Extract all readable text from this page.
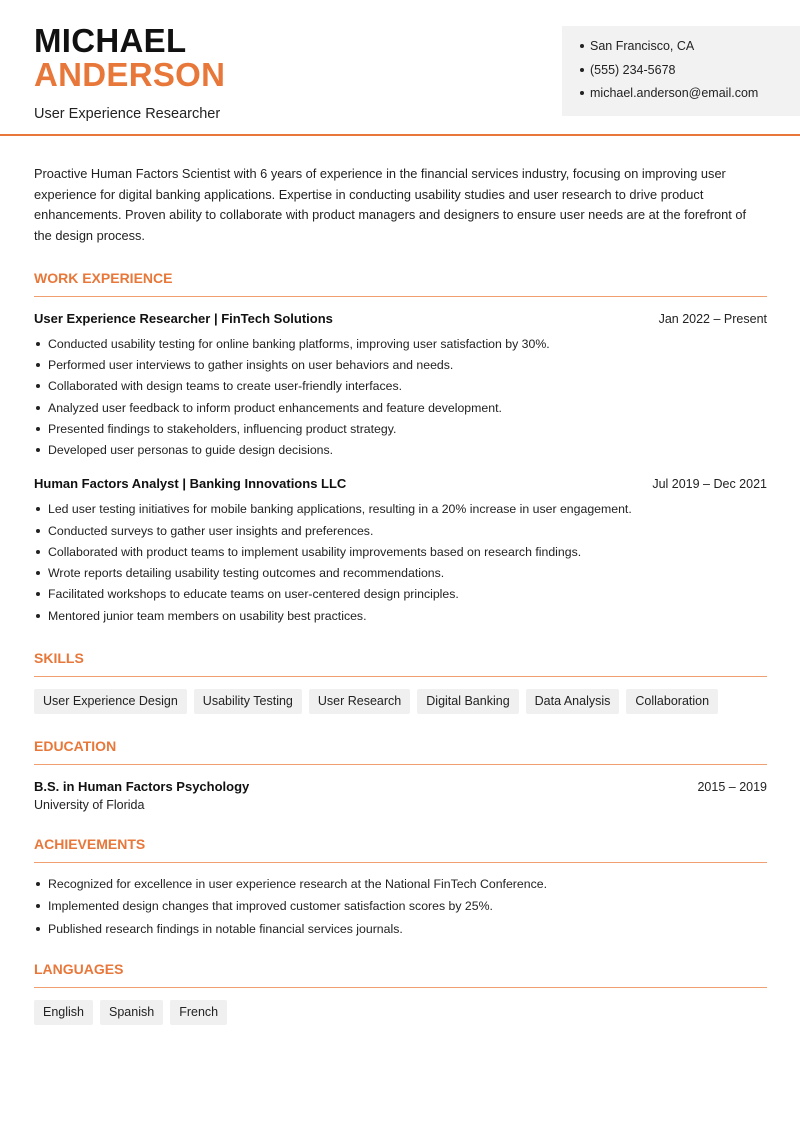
MICHAEL
ANDERSON
User Experience Researcher
San Francisco, CA
(555) 234-5678
michael.anderson@email.com

Proactive Human Factors Scientist with 6 years of experience in the financial services industry, focusing on improving user experience for digital banking applications. Expertise in conducting usability studies and user research to drive product enhancements. Proven ability to collaborate with product managers and designers to ensure user needs are at the forefront of the design process.

WORK EXPERIENCE
User Experience Researcher | FinTech Solutions	Jan 2022 – Present
Conducted usability testing for online banking platforms, improving user satisfaction by 30%.
Performed user interviews to gather insights on user behaviors and needs.
Collaborated with design teams to create user-friendly interfaces.
Analyzed user feedback to inform product enhancements and feature development.
Presented findings to stakeholders, influencing product strategy.
Developed user personas to guide design decisions.
Human Factors Analyst | Banking Innovations LLC	Jul 2019 – Dec 2021
Led user testing initiatives for mobile banking applications, resulting in a 20% increase in user engagement.
Conducted surveys to gather user insights and preferences.
Collaborated with product teams to implement usability improvements based on research findings.
Wrote reports detailing usability testing outcomes and recommendations.
Facilitated workshops to educate teams on user-centered design principles.
Mentored junior team members on usability best practices.
SKILLS
User Experience Design	Usability Testing	User Research	Digital Banking	Data Analysis	Collaboration
EDUCATION
B.S. in Human Factors Psychology	2015 – 2019
University of Florida
ACHIEVEMENTS
Recognized for excellence in user experience research at the National FinTech Conference.
Implemented design changes that improved customer satisfaction scores by 25%.
Published research findings in notable financial services journals.
LANGUAGES
English	Spanish	French
